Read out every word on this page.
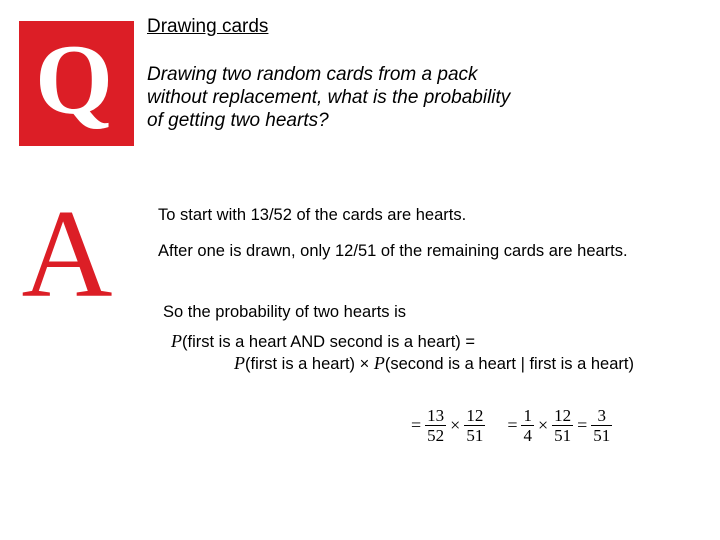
Q
A
Drawing cards
Drawing two random cards from a pack without replacement, what is the probability of getting two hearts?
To start with 13/52 of the cards are hearts.
After one is drawn, only 12/51 of the remaining cards are hearts.
So the probability of two hearts is
P(first is a heart AND second is a heart) =
P(first is a heart) × P(second is a heart | first is a heart)
= $\frac{13}{52} \times \frac{12}{51} = \frac{1}{4} \times \frac{12}{51} = \frac{3}{51}$
